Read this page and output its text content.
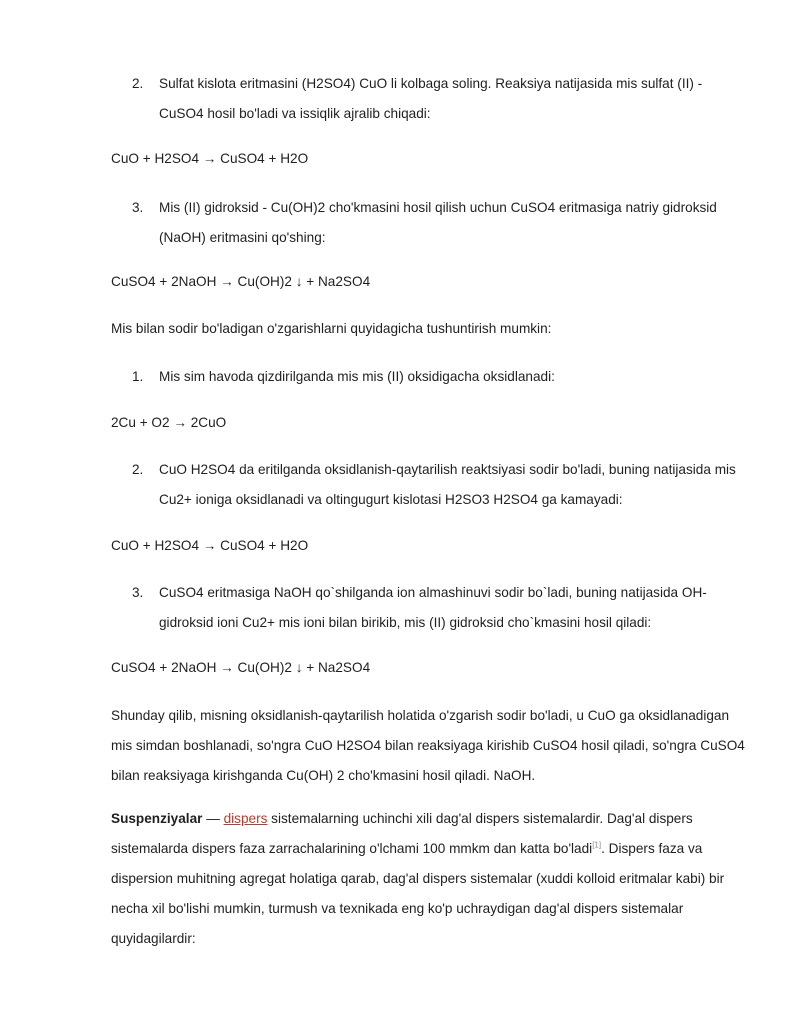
2.	Sulfat kislota eritmasini (H2SO4) CuO li kolbaga soling. Reaksiya natijasida mis sulfat (II) - CuSO4 hosil bo'ladi va issiqlik ajralib chiqadi:
CuO + H2SO4 → CuSO4 + H2O
3.	Mis (II) gidroksid - Cu(OH)2 cho'kmasini hosil qilish uchun CuSO4 eritmasiga natriy gidroksid (NaOH) eritmasini qo'shing:
CuSO4 + 2NaOH → Cu(OH)2 ↓ + Na2SO4
Mis bilan sodir bo'ladigan o'zgarishlarni quyidagicha tushuntirish mumkin:
1.	Mis sim havoda qizdirilganda mis mis (II) oksidigacha oksidlanadi:
2Cu + O2 → 2CuO
2.	CuO H2SO4 da eritilganda oksidlanish-qaytarilish reaktsiyasi sodir bo'ladi, buning natijasida mis Cu2+ ioniga oksidlanadi va oltingugurt kislotasi H2SO3 H2SO4 ga kamayadi:
CuO + H2SO4 → CuSO4 + H2O
3.	CuSO4 eritmasiga NaOH qo`shilganda ion almashinuvi sodir bo`ladi, buning natijasida OH- gidroksid ioni Cu2+ mis ioni bilan birikib, mis (II) gidroksid cho`kmasini hosil qiladi:
CuSO4 + 2NaOH → Cu(OH)2 ↓ + Na2SO4
Shunday qilib, misning oksidlanish-qaytarilish holatida o'zgarish sodir bo'ladi, u CuO ga oksidlanadigan mis simdan boshlanadi, so'ngra CuO H2SO4 bilan reaksiyaga kirishib CuSO4 hosil qiladi, so'ngra CuSO4 bilan reaksiyaga kirishganda Cu(OH) 2 cho'kmasini hosil qiladi. NaOH.
Suspenziyalar — dispers sistemalarning uchinchi xili dag'al dispers sistemalardir. Dag'al dispers sistemalarda dispers faza zarrachalarining o'lchami 100 mmkm dan katta bo'ladi[1]. Dispers faza va dispersion muhitning agregat holatiga qarab, dag'al dispers sistemalar (xuddi kolloid eritmalar kabi) bir necha xil bo'lishi mumkin, turmush va texnikada eng ko'p uchraydigan dag'al dispers sistemalar quyidagilardir:
